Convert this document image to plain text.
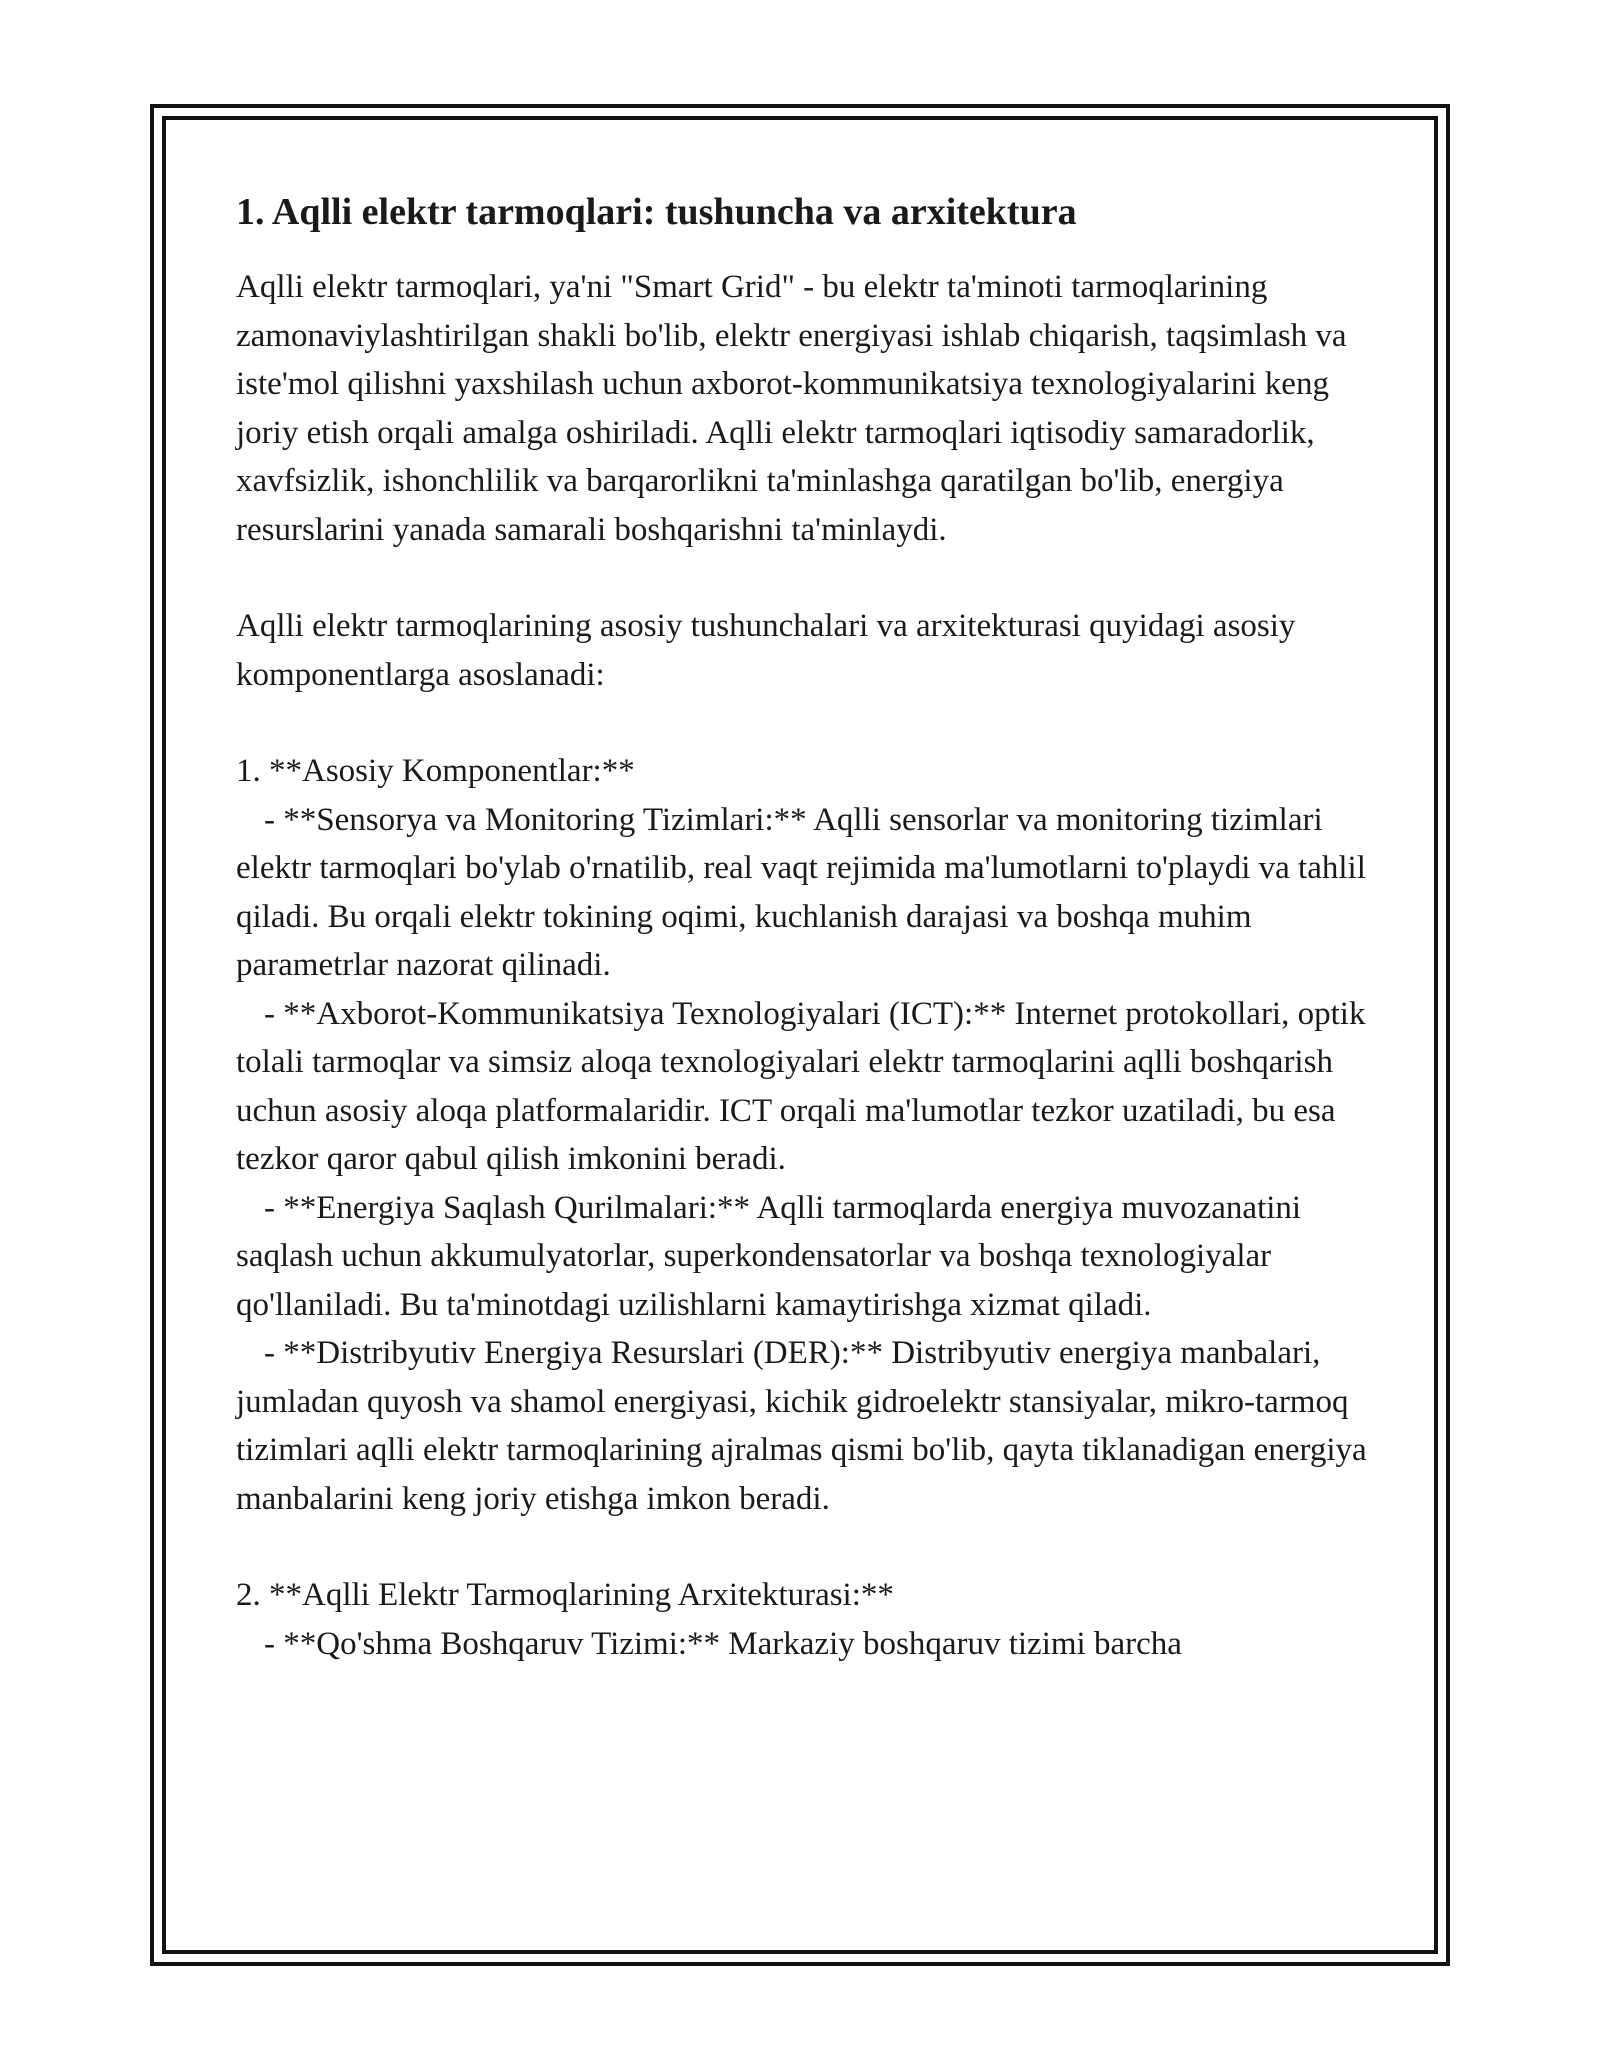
1. Aqlli elektr tarmoqlari: tushuncha va arxitektura

Aqlli elektr tarmoqlari, ya'ni "Smart Grid" - bu elektr ta'minoti tarmoqlarining zamonaviylashtirilgan shakli bo'lib, elektr energiyasi ishlab chiqarish, taqsimlash va iste'mol qilishni yaxshilash uchun axborot-kommunikatsiya texnologiyalarini keng joriy etish orqali amalga oshiriladi. Aqlli elektr tarmoqlari iqtisodiy samaradorlik, xavfsizlik, ishonchlilik va barqarorlikni ta'minlashga qaratilgan bo'lib, energiya resurslarini yanada samarali boshqarishni ta'minlaydi.

Aqlli elektr tarmoqlarining asosiy tushunchalari va arxitekturasi quyidagi asosiy komponentlarga asoslanadi:

1. **Asosiy Komponentlar:**
- **Sensorya va Monitoring Tizimlari:** Aqlli sensorlar va monitoring tizimlari elektr tarmoqlari bo'ylab o'rnatilib, real vaqt rejimida ma'lumotlarni to'playdi va tahlil qiladi. Bu orqali elektr tokining oqimi, kuchlanish darajasi va boshqa muhim parametrlar nazorat qilinadi.
- **Axborot-Kommunikatsiya Texnologiyalari (ICT):** Internet protokollari, optik tolali tarmoqlar va simsiz aloqa texnologiyalari elektr tarmoqlarini aqlli boshqarish uchun asosiy aloqa platformalaridir. ICT orqali ma'lumotlar tezkor uzatiladi, bu esa tezkor qaror qabul qilish imkonini beradi.
- **Energiya Saqlash Qurilmalari:** Aqlli tarmoqlarda energiya muvozanatini saqlash uchun akkumulyatorlar, superkondensatorlar va boshqa texnologiyalar qo'llaniladi. Bu ta'minotdagi uzilishlarni kamaytirishga xizmat qiladi.
- **Distribyutiv Energiya Resurslari (DER):** Distribyutiv energiya manbalari, jumladan quyosh va shamol energiyasi, kichik gidroelektr stansiyalar, mikro-tarmoq tizimlari aqlli elektr tarmoqlarining ajralmas qismi bo'lib, qayta tiklanadigan energiya manbalarini keng joriy etishga imkon beradi.
2. **Aqlli Elektr Tarmoqlarining Arxitekturasi:**
- **Qo'shma Boshqaruv Tizimi:** Markaziy boshqaruv tizimi barcha
